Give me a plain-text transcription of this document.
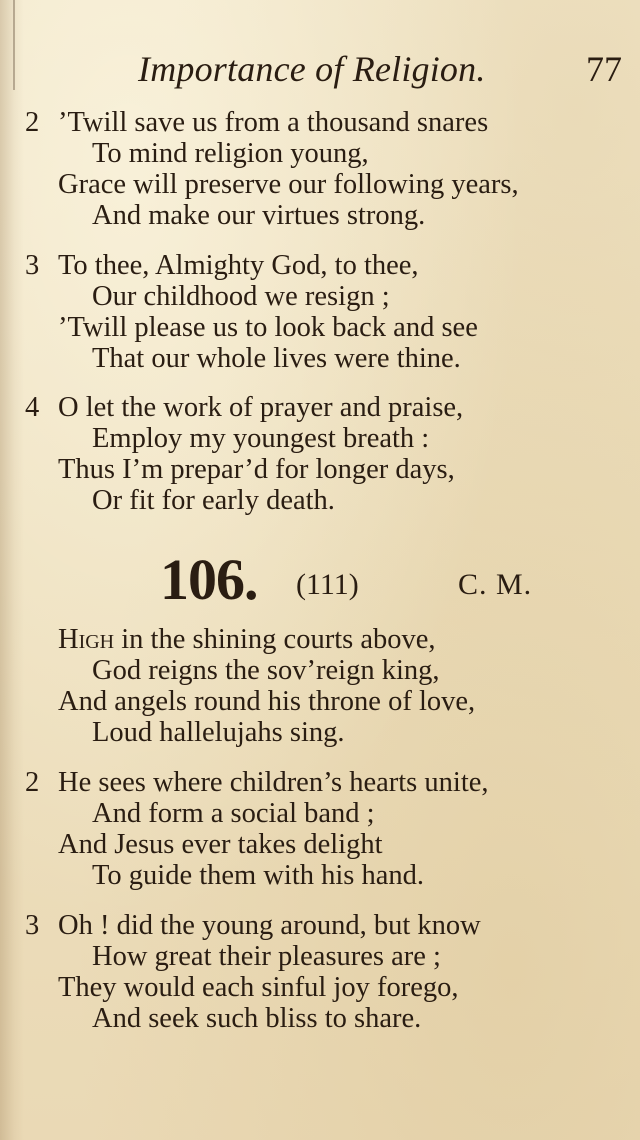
Importance of Religion.	77
2 ’Twill save us from a thousand snares
To mind religion young,
Grace will preserve our following years,
And make our virtues strong.
3 To thee, Almighty God, to thee,
Our childhood we resign ;
’Twill please us to look back and see
That our whole lives were thine.
4 O let the work of prayer and praise,
Employ my youngest breath :
Thus I’m prepar’d for longer days,
Or fit for early death.
106. (111)	C. M.
High in the shining courts above,
God reigns the sov’reign king,
And angels round his throne of love,
Loud hallelujahs sing.
2 He sees where children’s hearts unite,
And form a social band ;
And Jesus ever takes delight
To guide them with his hand.
3 Oh ! did the young around, but know
How great their pleasures are ;
They would each sinful joy forego,
And seek such bliss to share.
